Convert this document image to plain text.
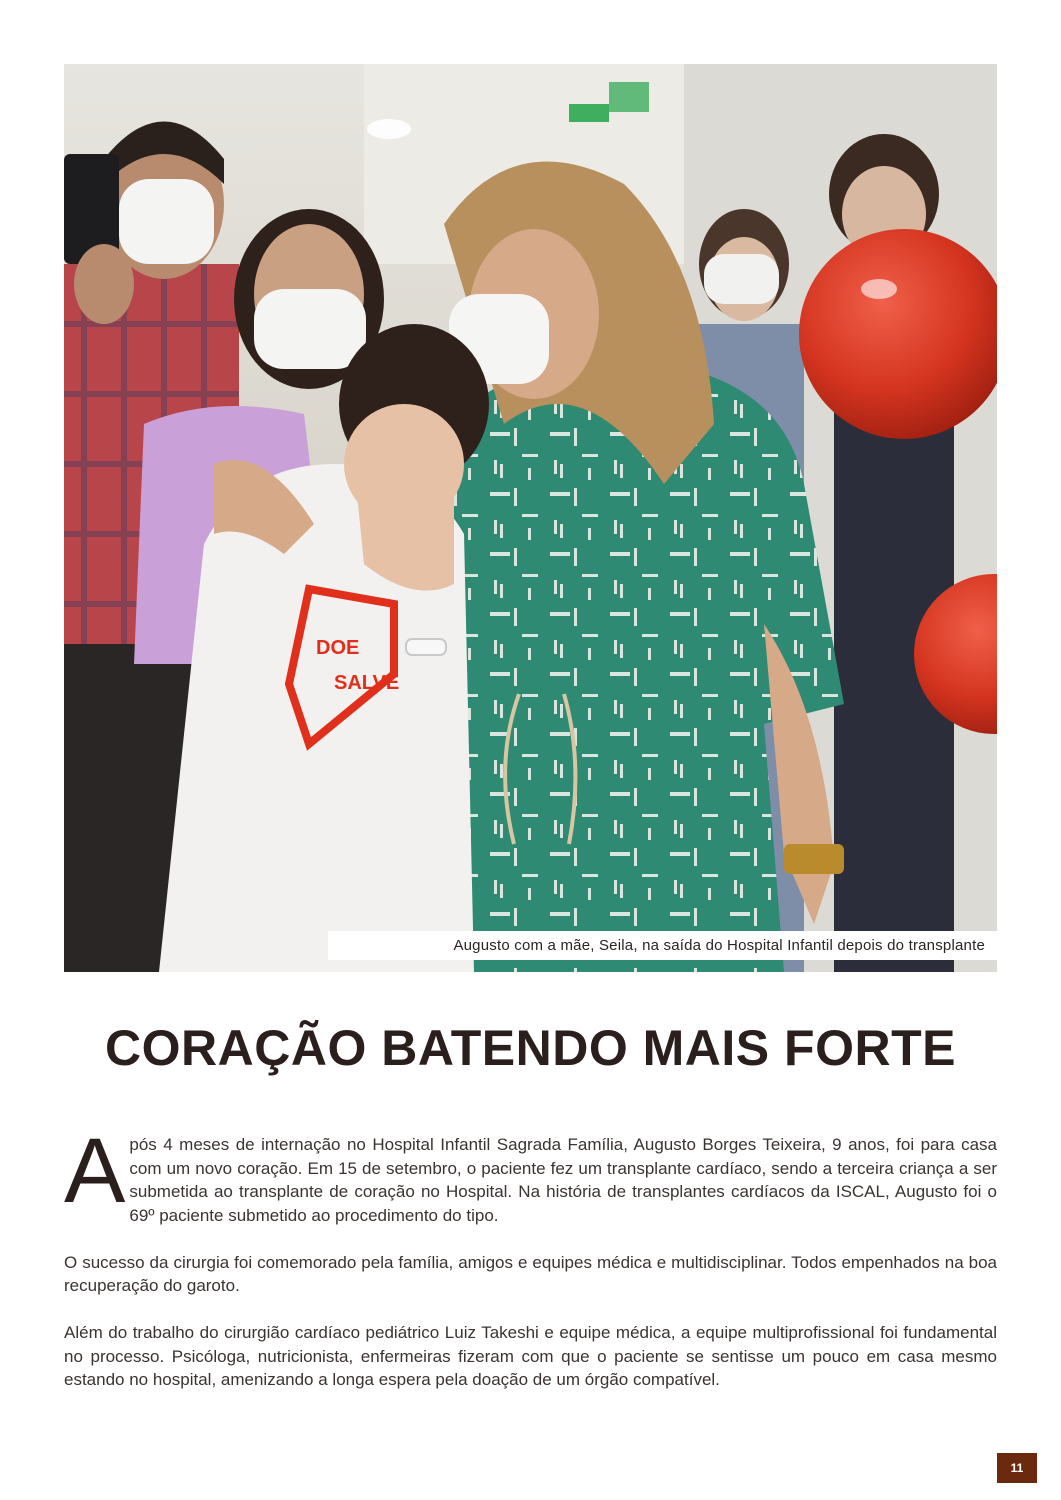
DOE
SALVE
Augusto com a mãe, Seila, na saída do Hospital Infantil depois do transplante
CORAÇÃO BATENDO MAIS FORTE

Após 4 meses de internação no Hospital Infantil Sagrada Família, Augusto Borges Teixeira, 9 anos, foi para casa com um novo coração. Em 15 de setembro, o paciente fez um transplante cardíaco, sendo a terceira criança a ser submetida ao transplante de coração no Hospital. Na história de transplantes cardíacos da ISCAL, Augusto foi o 69º paciente submetido ao procedimento do tipo.

O sucesso da cirurgia foi comemorado pela família, amigos e equipes médica e multidisciplinar. Todos empenhados na boa recuperação do garoto.

Além do trabalho do cirurgião cardíaco pediátrico Luiz Takeshi e equipe médica, a equipe multiprofissional foi fundamental no processo. Psicóloga, nutricionista, enfermeiras fizeram com que o paciente se sentisse um pouco em casa mesmo estando no hospital, amenizando a longa espera pela doação de um órgão compatível.

11
